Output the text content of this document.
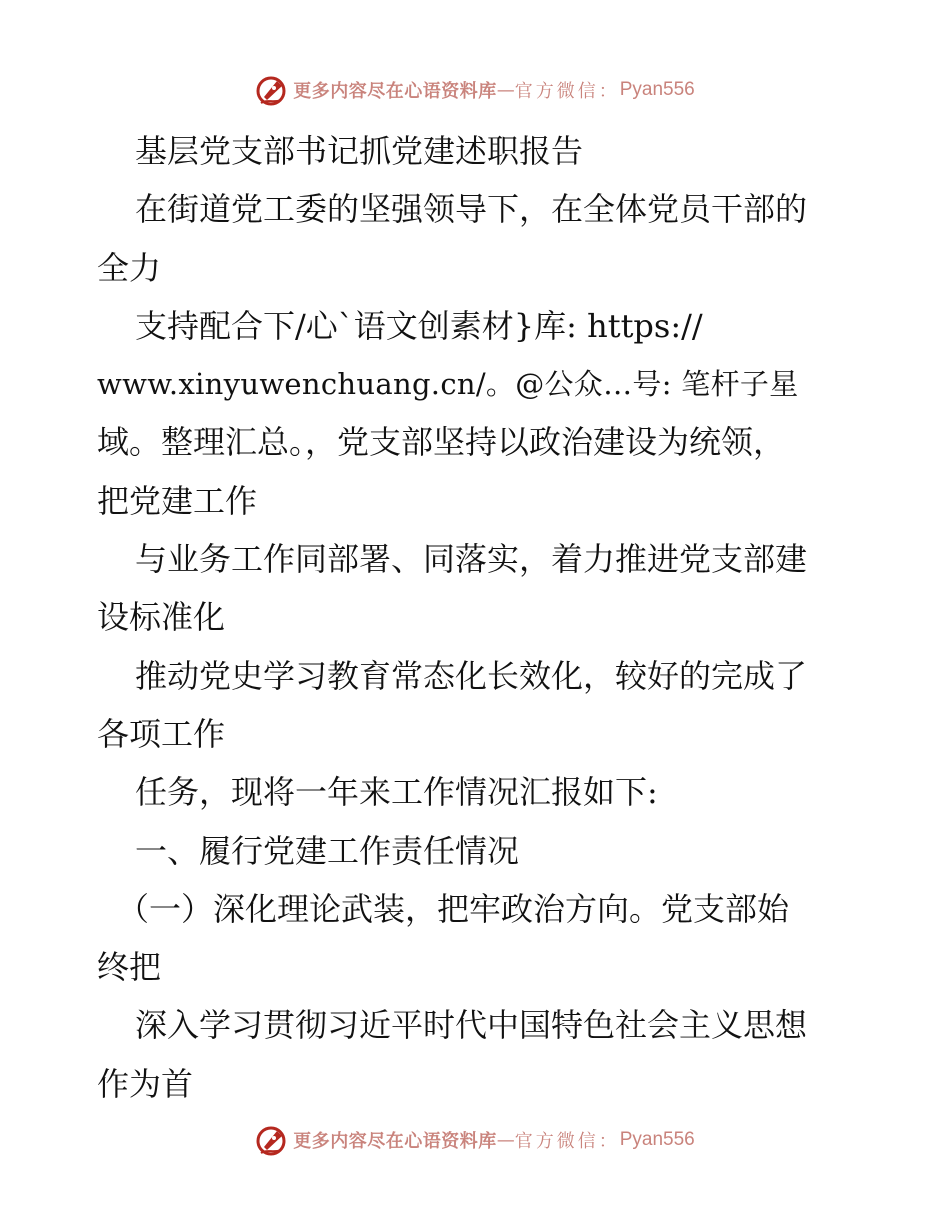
更多内容尽在心语资料库 — 官方微信： Pyan556
基层党支部书记抓党建述职报告
在街道党工委的坚强领导下，在全体党员干部的
全力
支持配合下/心`语文创素材}库: https://
www.xinyuwenchuang.cn/。@公众…号: 笔杆子星
域。整理汇总。，党支部坚持以政治建设为统领，
把党建工作
与业务工作同部署、同落实，着力推进党支部建
设标准化
推动党史学习教育常态化长效化，较好的完成了
各项工作
任务，现将一年来工作情况汇报如下:
一、履行党建工作责任情况
（一）深化理论武装，把牢政治方向。党支部始
终把
深入学习贯彻习近平时代中国特色社会主义思想
作为首
更多内容尽在心语资料库 — 官方微信： Pyan556
